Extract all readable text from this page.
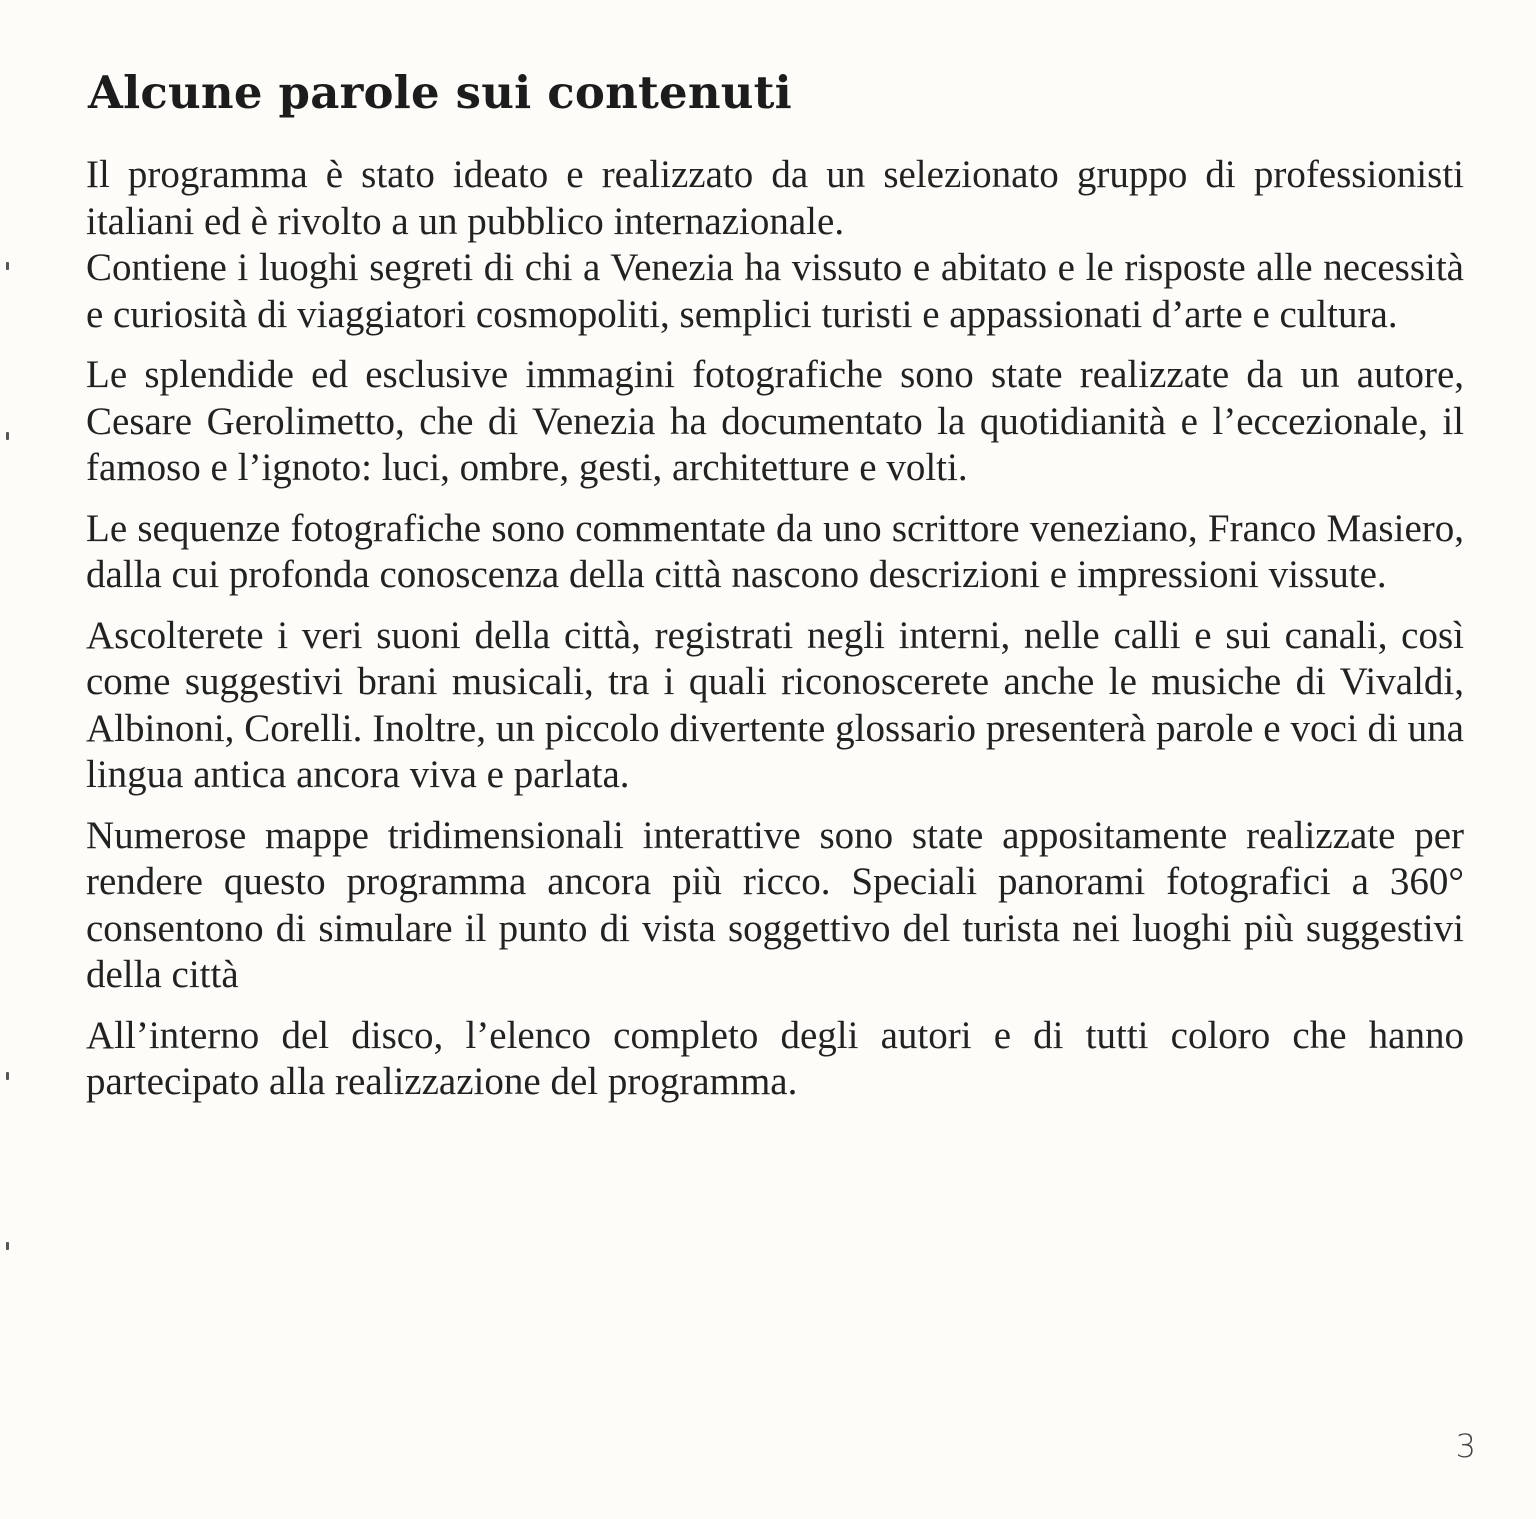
Alcune parole sui contenuti

Il programma è stato ideato e realizzato da un selezionato gruppo di professionisti italiani ed è rivolto a un pubblico internazionale.

Contiene i luoghi segreti di chi a Venezia ha vissuto e abitato e le risposte alle necessità e curiosità di viaggiatori cosmopoliti, semplici turisti e appassionati d’arte e cultura.

Le splendide ed esclusive immagini fotografiche sono state realizzate da un autore, Cesare Gerolimetto, che di Venezia ha documentato la quotidianità e l’eccezionale, il famoso e l’ignoto: luci, ombre, gesti, architetture e volti.

Le sequenze fotografiche sono commentate da uno scrittore veneziano, Franco Masiero, dalla cui profonda conoscenza della città nascono descrizioni e impressioni vissute.

Ascolterete i veri suoni della città, registrati negli interni, nelle calli e sui canali, così come suggestivi brani musicali, tra i quali riconoscerete anche le musiche di Vivaldi, Albinoni, Corelli. Inoltre, un piccolo divertente glossario presenterà parole e voci di una lingua antica ancora viva e parlata.

Numerose mappe tridimensionali interattive sono state appositamente realizzate per rendere questo programma ancora più ricco. Speciali panorami fotografici a 360° consentono di simulare il punto di vista soggettivo del turista nei luoghi più suggestivi della città

All’interno del disco, l’elenco completo degli autori e di tutti coloro che hanno partecipato alla realizzazione del programma.

3
